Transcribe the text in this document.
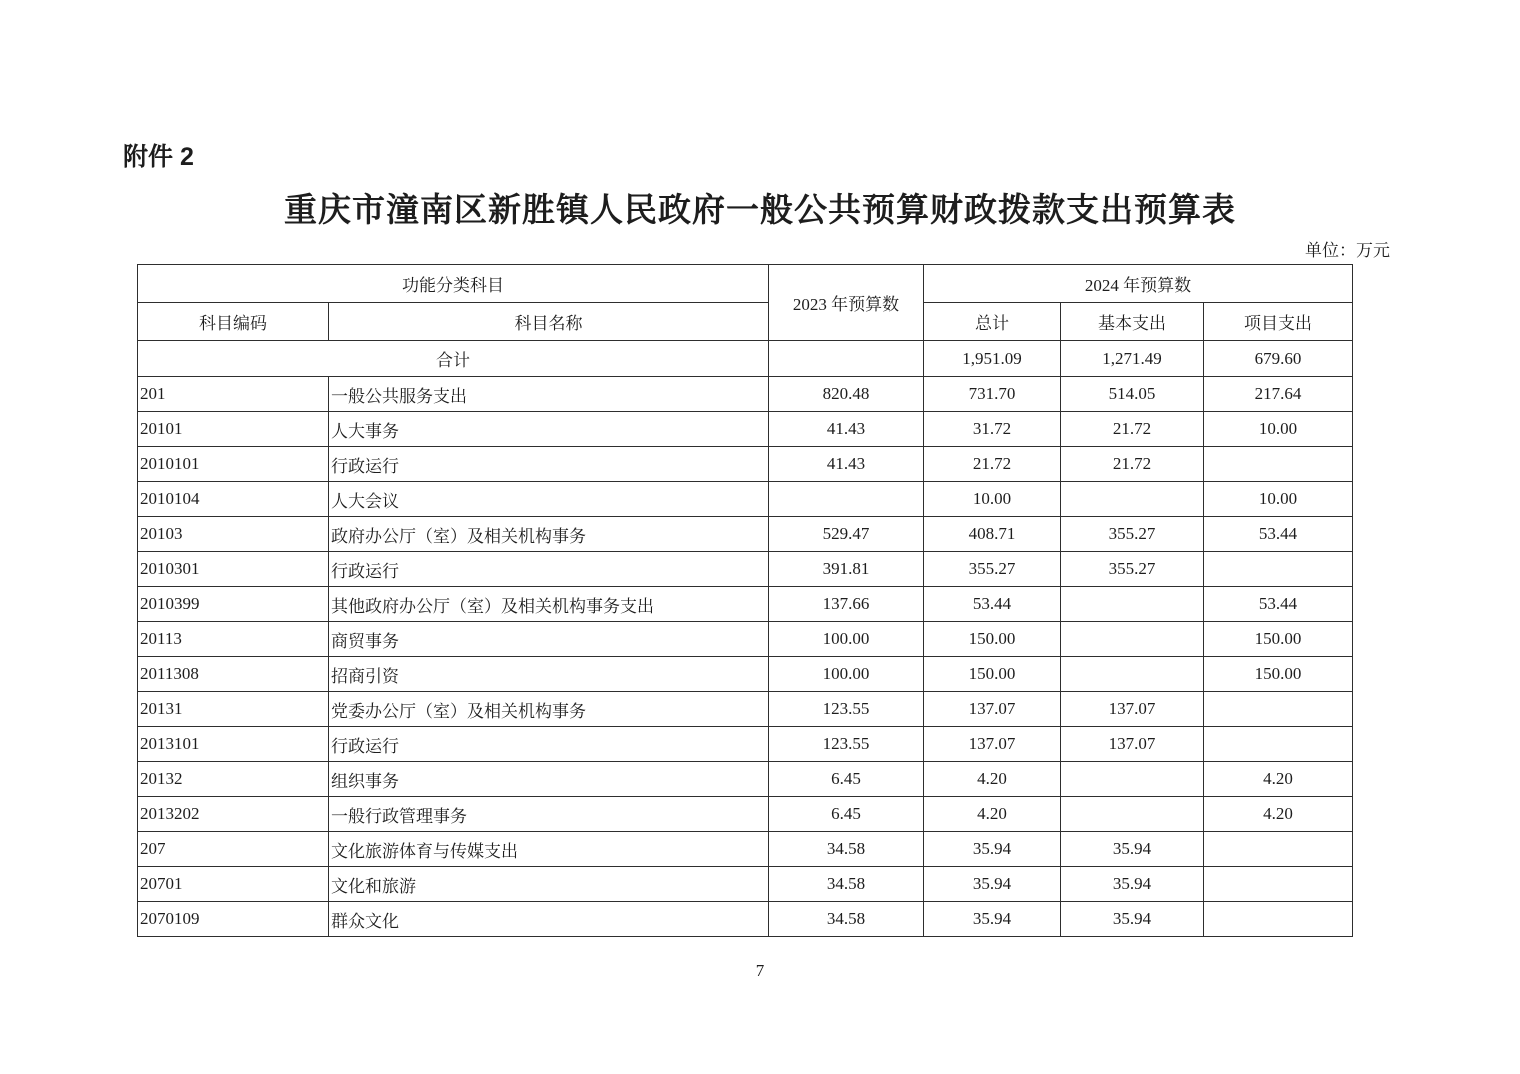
附件 2
重庆市潼南区新胜镇人民政府一般公共预算财政拨款支出预算表
单位：万元
功能分类科目		2023 年预算数	2024 年预算数		
科目编码	科目名称		总计	基本支出	项目支出
合计			1,951.09	1,271.49	679.60
201	一般公共服务支出	820.48	731.70	514.05	217.64
20101	人大事务	41.43	31.72	21.72	10.00
2010101	行政运行	41.43	21.72	21.72	
2010104	人大会议		10.00		10.00
20103	政府办公厅（室）及相关机构事务	529.47	408.71	355.27	53.44
2010301	行政运行	391.81	355.27	355.27	
2010399	其他政府办公厅（室）及相关机构事务支出	137.66	53.44		53.44
20113	商贸事务	100.00	150.00		150.00
2011308	招商引资	100.00	150.00		150.00
20131	党委办公厅（室）及相关机构事务	123.55	137.07	137.07	
2013101	行政运行	123.55	137.07	137.07	
20132	组织事务	6.45	4.20		4.20
2013202	一般行政管理事务	6.45	4.20		4.20
207	文化旅游体育与传媒支出	34.58	35.94	35.94	
20701	文化和旅游	34.58	35.94	35.94	
2070109	群众文化	34.58	35.94	35.94	
7
